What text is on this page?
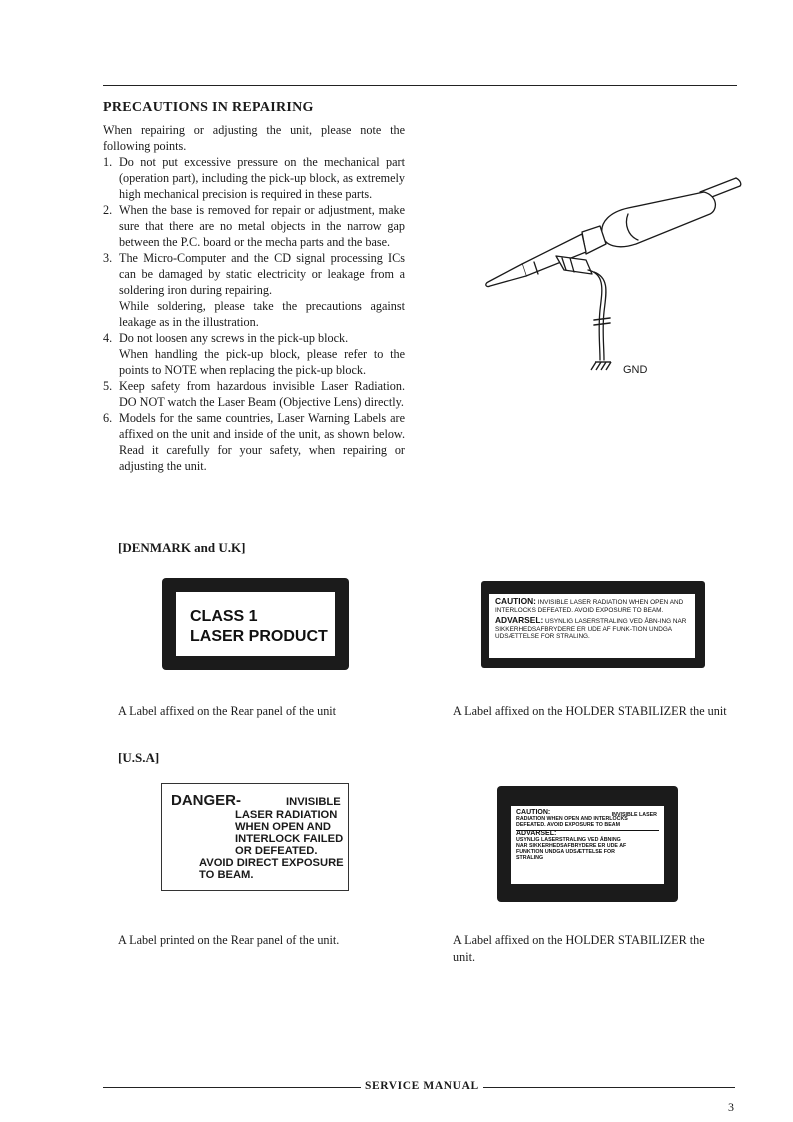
PRECAUTIONS IN REPAIRING
When repairing or adjusting the unit, please note the following points.
1. Do not put excessive pressure on the mechanical part (operation part), including the pick-up block, as extremely high mechanical precision is required in these parts.
2. When the base is removed for repair or adjustment, make sure that there are no metal objects in the narrow gap between the P.C. board or the mecha parts and the base.
3. The Micro-Computer and the CD signal processing ICs can be damaged by static electricity or leakage from a soldering iron during repairing.
While soldering, please take the precautions against leakage as in the illustration.
4. Do not loosen any screws in the pick-up block.
When handling the pick-up block, please refer to the points to NOTE when replacing the pick-up block.
5. Keep safety from hazardous invisible Laser Radiation. DO NOT watch the Laser Beam (Objective Lens) directly.
6. Models for the same countries, Laser Warning Labels are affixed on the unit and inside of the unit, as shown below. Read it carefully for your safety, when repairing or adjusting the unit.
GND
[DENMARK and U.K]
CLASS 1
LASER PRODUCT
CAUTION: INVISIBLE LASER RADIATION WHEN OPEN AND INTERLOCKS DEFEATED. AVOID EXPOSURE TO BEAM.
ADVARSEL: USYNLIG LASERSTRALING VED ÅBN-ING NAR SIKKERHEDSAFBRYDERE ER UDE AF FUNK-TION UNDGA UDSÆTTELSE FOR STRALING.
A Label affixed on the Rear panel of the unit	A Label affixed on the HOLDER STABILIZER the unit
[U.S.A]
DANGER-	INVISIBLE
LASER RADIATION
WHEN OPEN AND
INTERLOCK FAILED
OR DEFEATED.
AVOID DIRECT EXPOSURE
TO BEAM.
CAUTION:	INVISIBLE LASER
RADIATION WHEN OPEN AND INTERLOCKS
DEFEATED. AVOID EXPOSURE TO BEAM
ADVARSEL:
USYNLIG LASERSTRALING VED ÅBNING
NAR SIKKERHEDSAFBRYDERE ER UDE AF
FUNKTION UNDGA UDSÆTTELSE FOR
STRALING
A Label printed on the Rear panel of the unit.	A Label affixed on the HOLDER STABILIZER the unit.
SERVICE MANUAL
3
